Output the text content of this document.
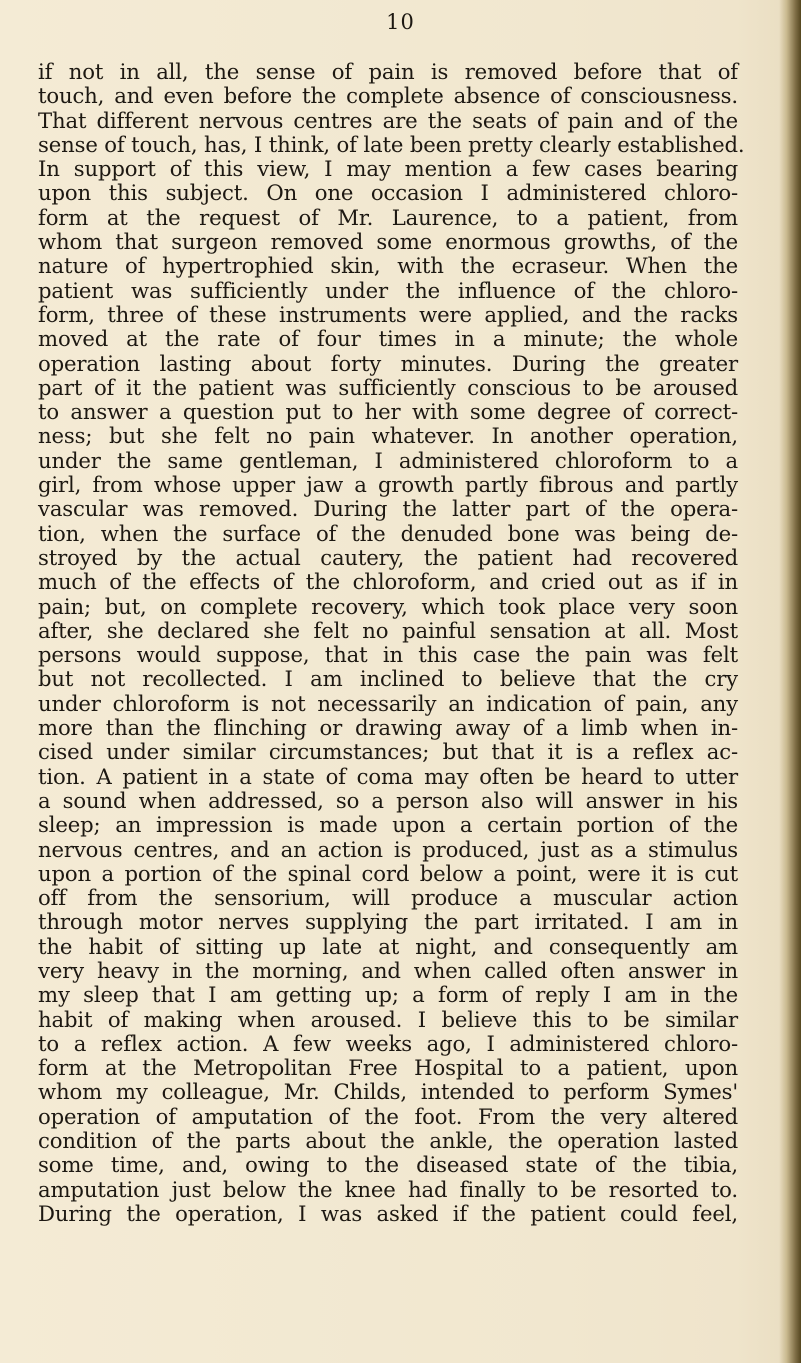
10
if not in all, the sense of pain is removed before that of
touch, and even before the complete absence of consciousness.
That different nervous centres are the seats of pain and of the
sense of touch, has, I think, of late been pretty clearly established.
In support of this view, I may mention a few cases bearing
upon this subject. On one occasion I administered chloro-
form at the request of Mr. Laurence, to a patient, from
whom that surgeon removed some enormous growths, of the
nature of hypertrophied skin, with the ecraseur. When the
patient was sufficiently under the influence of the chloro-
form, three of these instruments were applied, and the racks
moved at the rate of four times in a minute; the whole
operation lasting about forty minutes. During the greater
part of it the patient was sufficiently conscious to be aroused
to answer a question put to her with some degree of correct-
ness; but she felt no pain whatever. In another operation,
under the same gentleman, I administered chloroform to a
girl, from whose upper jaw a growth partly fibrous and partly
vascular was removed. During the latter part of the opera-
tion, when the surface of the denuded bone was being de-
stroyed by the actual cautery, the patient had recovered
much of the effects of the chloroform, and cried out as if in
pain; but, on complete recovery, which took place very soon
after, she declared she felt no painful sensation at all. Most
persons would suppose, that in this case the pain was felt
but not recollected. I am inclined to believe that the cry
under chloroform is not necessarily an indication of pain, any
more than the flinching or drawing away of a limb when in-
cised under similar circumstances; but that it is a reflex ac-
tion. A patient in a state of coma may often be heard to utter
a sound when addressed, so a person also will answer in his
sleep; an impression is made upon a certain portion of the
nervous centres, and an action is produced, just as a stimulus
upon a portion of the spinal cord below a point, were it is cut
off from the sensorium, will produce a muscular action
through motor nerves supplying the part irritated. I am in
the habit of sitting up late at night, and consequently am
very heavy in the morning, and when called often answer in
my sleep that I am getting up; a form of reply I am in the
habit of making when aroused. I believe this to be similar
to a reflex action. A few weeks ago, I administered chloro-
form at the Metropolitan Free Hospital to a patient, upon
whom my colleague, Mr. Childs, intended to perform Symes'
operation of amputation of the foot. From the very altered
condition of the parts about the ankle, the operation lasted
some time, and, owing to the diseased state of the tibia,
amputation just below the knee had finally to be resorted to.
During the operation, I was asked if the patient could feel,
